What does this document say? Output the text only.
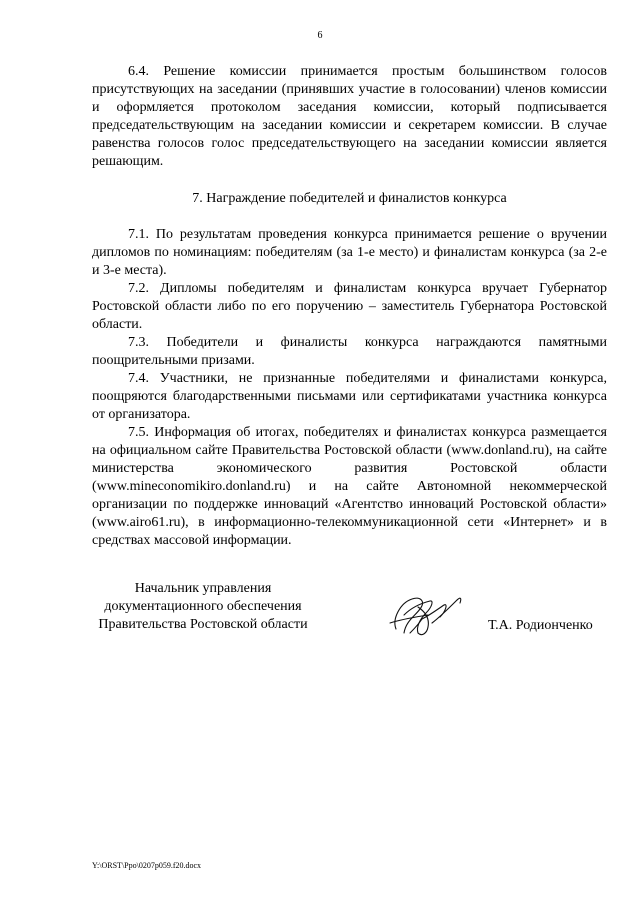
6

6.4. Решение комиссии принимается простым большинством голосов присутствующих на заседании (принявших участие в голосовании) членов комиссии и оформляется протоколом заседания комиссии, который подписывается председательствующим на заседании комиссии и секретарем комиссии. В случае равенства голосов голос председательствующего на заседании комиссии является решающим.

7. Награждение победителей и финалистов конкурса

7.1. По результатам проведения конкурса принимается решение о вручении дипломов по номинациям: победителям (за 1-е место) и финалистам конкурса (за 2-е и 3-е места).

7.2. Дипломы победителям и финалистам конкурса вручает Губернатор Ростовской области либо по его поручению – заместитель Губернатора Ростовской области.

7.3. Победители и финалисты конкурса награждаются памятными поощрительными призами.

7.4. Участники, не признанные победителями и финалистами конкурса, поощряются благодарственными письмами или сертификатами участника конкурса от организатора.

7.5. Информация об итогах, победителях и финалистах конкурса размещается на официальном сайте Правительства Ростовской области (www.donland.ru), на сайте министерства экономического развития Ростовской области (www.mineconomikiro.donland.ru) и на сайте Автономной некоммерческой организации по поддержке инноваций «Агентство инноваций Ростовской области» (www.airo61.ru), в информационно-телекоммуникационной сети «Интернет» и в средствах массовой информации.

Начальник управления
документационного обеспечения
Правительства Ростовской области	Т.А. Родионченко
Y:\ORST\Ppo\0207p059.f20.docx
